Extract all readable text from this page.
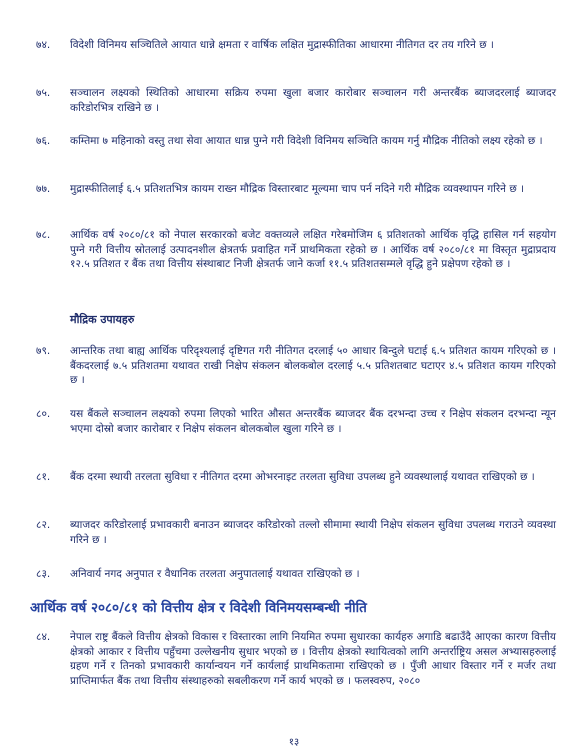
७४.	विदेशी विनिमय सञ्चितिले आयात धान्ने क्षमता र वार्षिक लक्षित मुद्रास्फीतिका आधारमा नीतिगत दर तय गरिने छ ।
७५.	सञ्चालन लक्ष्यको स्थितिको आधारमा सक्रिय रुपमा खुला बजार कारोबार सञ्चालन गरी अन्तरबैंक ब्याजदरलाई ब्याजदर करिडोरभित्र राखिने छ ।
७६.	कम्तिमा ७ महिनाको वस्तु तथा सेवा आयात धान्न पुग्ने गरी विदेशी विनिमय सञ्चिति कायम गर्नु मौद्रिक नीतिको लक्ष्य रहेको छ ।
७७.	मुद्रास्फीतिलाई ६.५ प्रतिशतभित्र कायम राख्न मौद्रिक विस्तारबाट मूल्यमा चाप पर्न नदिने गरी मौद्रिक व्यवस्थापन गरिने छ ।
७८.	आर्थिक वर्ष २०८०/८१ को नेपाल सरकारको बजेट वक्तव्यले लक्षित गरेबमोजिम ६ प्रतिशतको आर्थिक वृद्धि हासिल गर्न सहयोग पुग्ने गरी वित्तीय स्रोतलाई उत्पादनशील क्षेत्रतर्फ प्रवाहित गर्ने प्राथमिकता रहेको छ । आर्थिक वर्ष २०८०/८१ मा विस्तृत मुद्राप्रदाय १२.५ प्रतिशत र बैंक तथा वित्तीय संस्थाबाट निजी क्षेत्रतर्फ जाने कर्जा ११.५ प्रतिशतसम्मले वृद्धि हुने प्रक्षेपण रहेको छ ।
मौद्रिक उपायहरु
७९.	आन्तरिक तथा बाह्य आर्थिक परिदृश्यलाई दृष्टिगत गरी नीतिगत दरलाई ५० आधार बिन्दुले घटाई ६.५ प्रतिशत कायम गरिएको छ । बैंकदरलाई ७.५ प्रतिशतमा यथावत राखी निक्षेप संकलन बोलकबोल दरलाई ५.५ प्रतिशतबाट घटाएर ४.५ प्रतिशत कायम गरिएको छ ।
८०.	यस बैंकले सञ्चालन लक्ष्यको रुपमा लिएको भारित औसत अन्तरबैंक ब्याजदर बैंक दरभन्दा उच्च र निक्षेप संकलन दरभन्दा न्यून भएमा दोस्रो बजार कारोबार र निक्षेप संकलन बोलकबोल खुला गरिने छ ।
८१.	बैंक दरमा स्थायी तरलता सुविधा र नीतिगत दरमा ओभरनाइट तरलता सुविधा उपलब्ध हुने व्यवस्थालाई यथावत राखिएको छ ।
८२.	ब्याजदर करिडोरलाई प्रभावकारी बनाउन ब्याजदर करिडोरको तल्लो सीमामा स्थायी निक्षेप संकलन सुविधा उपलब्ध गराउने व्यवस्था गरिने छ ।
८३.	अनिवार्य नगद अनुपात र वैधानिक तरलता अनुपातलाई यथावत राखिएको छ ।
आर्थिक वर्ष २०८०/८१ को वित्तीय क्षेत्र र विदेशी विनिमयसम्बन्धी नीति
८४.	नेपाल राष्ट्र बैंकले वित्तीय क्षेत्रको विकास र विस्तारका लागि नियमित रुपमा सुधारका कार्यहरु अगाडि बढाउँदै आएका कारण वित्तीय क्षेत्रको आकार र वित्तीय पहुँचमा उल्लेखनीय सुधार भएको छ । वित्तीय क्षेत्रको स्थायित्वको लागि अन्तर्राष्ट्रिय असल अभ्यासहरुलाई ग्रहण गर्ने र तिनको प्रभावकारी कार्यान्वयन गर्ने कार्यलाई प्राथमिकतामा राखिएको छ । पुँजी आधार विस्तार गर्ने र मर्जर तथा प्राप्तिमार्फत बैंक तथा वित्तीय संस्थाहरुको सबलीकरण गर्ने कार्य भएको छ । फलस्वरुप, २०८०
१३
